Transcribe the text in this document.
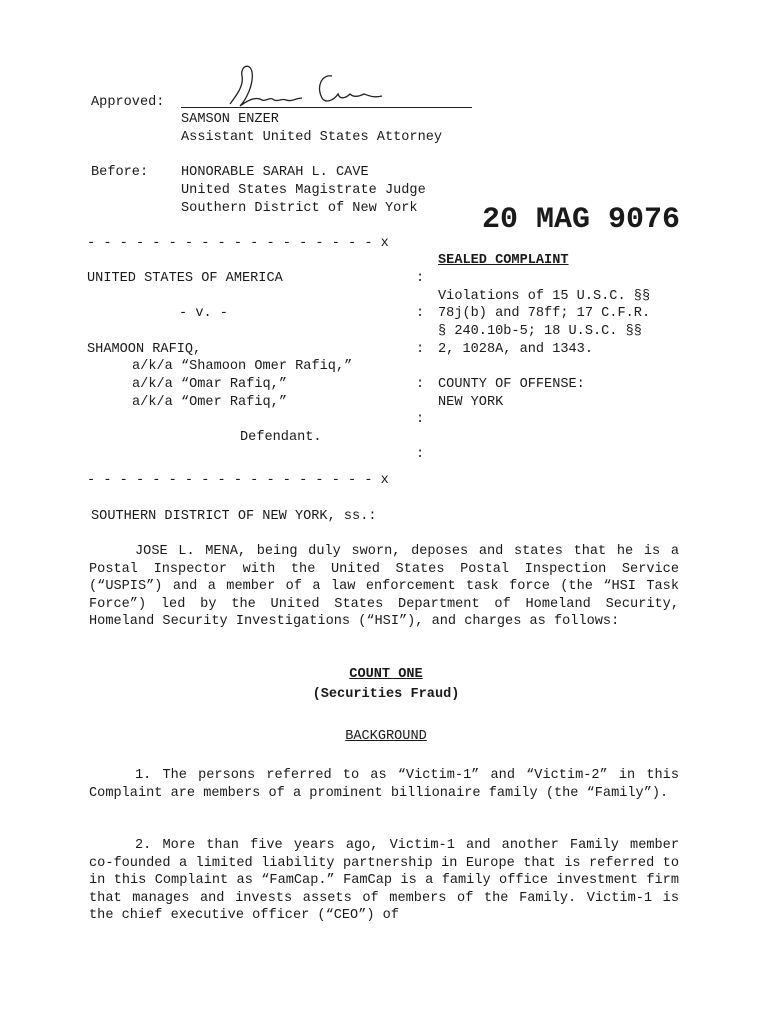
Approved:
SAMSON ENZER
Assistant United States Attorney
Before: HONORABLE SARAH L. CAVE
United States Magistrate Judge
Southern District of New York 20 MAG 9076
- - - - - - - - - - - - - - - - - - x
SEALED COMPLAINT
UNITED STATES OF AMERICA	:
Violations of 15 U.S.C. §§
- v. -	: 78j(b) and 78ff; 17 C.F.R.
§ 240.10b-5; 18 U.S.C. §§
SHAMOON RAFIQ,	: 2, 1028A, and 1343.
a/k/a “Shamoon Omer Rafiq,”
a/k/a “Omar Rafiq,”	: COUNTY OF OFFENSE:
a/k/a “Omer Rafiq,”	NEW YORK
:
Defendant.
:
- - - - - - - - - - - - - - - - - - x
SOUTHERN DISTRICT OF NEW YORK, ss.:
JOSE L. MENA, being duly sworn, deposes and states that he is a Postal Inspector with the United States Postal Inspection Service (“USPIS”) and a member of a law enforcement task force (the “HSI Task Force”) led by the United States Department of Homeland Security, Homeland Security Investigations (“HSI”), and charges as follows:
COUNT ONE
(Securities Fraud)
BACKGROUND
1. The persons referred to as “Victim-1” and “Victim-2” in this Complaint are members of a prominent billionaire family (the “Family”).
2. More than five years ago, Victim-1 and another Family member co-founded a limited liability partnership in Europe that is referred to in this Complaint as “FamCap.” FamCap is a family office investment firm that manages and invests assets of members of the Family. Victim-1 is the chief executive officer (“CEO”) of
